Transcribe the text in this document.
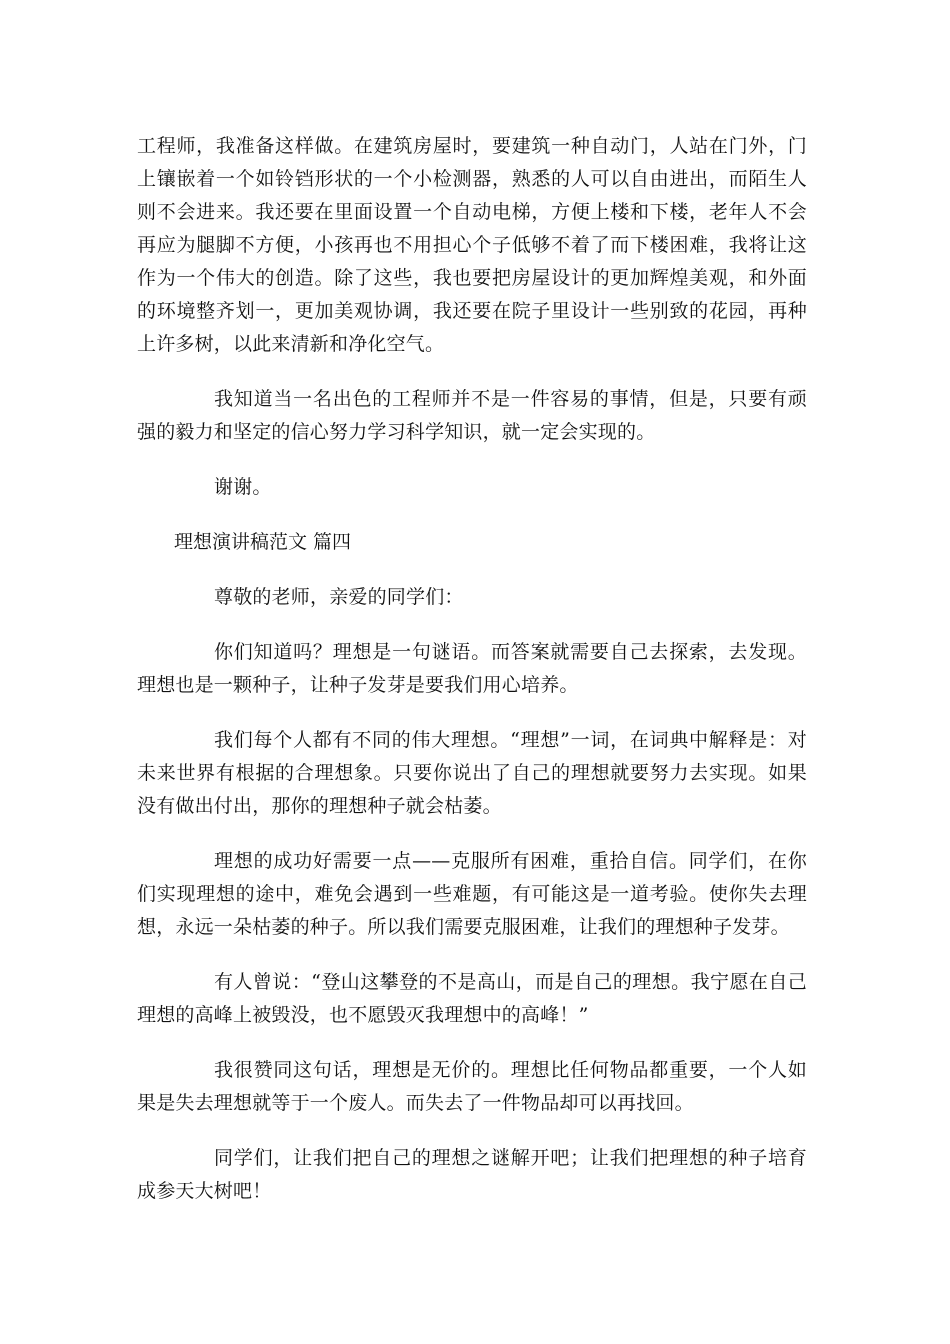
工程师，我准备这样做。在建筑房屋时，要建筑一种自动门，人站在门外，门上镶嵌着一个如铃铛形状的一个小检测器，熟悉的人可以自由进出，而陌生人则不会进来。我还要在里面设置一个自动电梯，方便上楼和下楼，老年人不会再应为腿脚不方便，小孩再也不用担心个子低够不着了而下楼困难，我将让这作为一个伟大的创造。除了这些，我也要把房屋设计的更加辉煌美观，和外面的环境整齐划一，更加美观协调，我还要在院子里设计一些别致的花园，再种上许多树，以此来清新和净化空气。

我知道当一名出色的工程师并不是一件容易的事情，但是，只要有顽强的毅力和坚定的信心努力学习科学知识，就一定会实现的。

谢谢。

理想演讲稿范文 篇四

尊敬的老师，亲爱的同学们：

你们知道吗？理想是一句谜语。而答案就需要自己去探索，去发现。理想也是一颗种子，让种子发芽是要我们用心培养。

我们每个人都有不同的伟大理想。“理想”一词，在词典中解释是：对未来世界有根据的合理想象。只要你说出了自己的理想就要努力去实现。如果没有做出付出，那你的理想种子就会枯萎。

理想的成功好需要一点——克服所有困难，重拾自信。同学们，在你们实现理想的途中，难免会遇到一些难题，有可能这是一道考验。使你失去理想，永远一朵枯萎的种子。所以我们需要克服困难，让我们的理想种子发芽。

有人曾说：“登山这攀登的不是高山，而是自己的理想。我宁愿在自己理想的高峰上被毁没，也不愿毁灭我理想中的高峰！”

我很赞同这句话，理想是无价的。理想比任何物品都重要，一个人如果是失去理想就等于一个废人。而失去了一件物品却可以再找回。

同学们，让我们把自己的理想之谜解开吧；让我们把理想的种子培育成参天大树吧！
